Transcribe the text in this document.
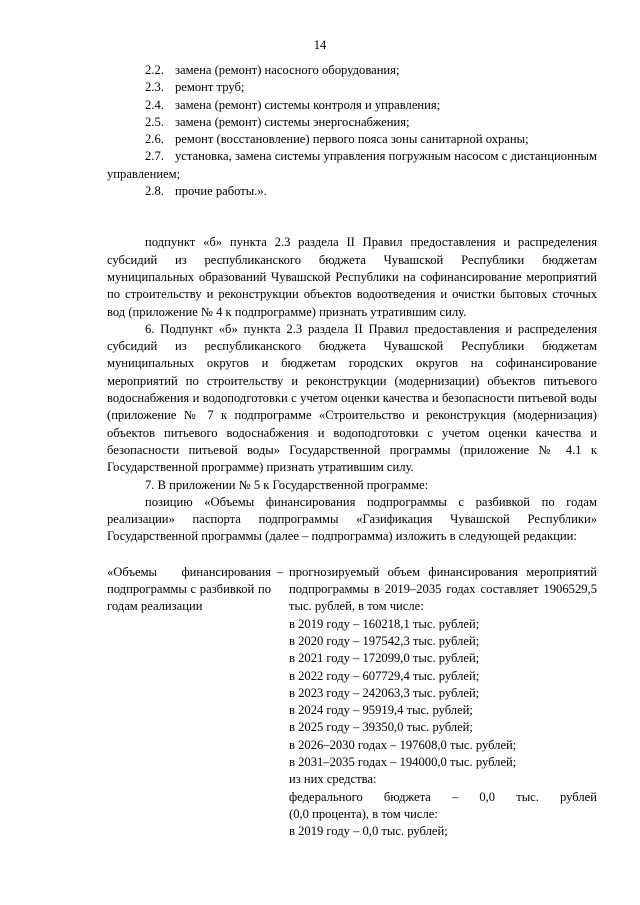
14

2.2. замена (ремонт) насосного оборудования;

2.3. ремонт труб;

2.4. замена (ремонт) системы контроля и управления;

2.5. замена (ремонт) системы энергоснабжения;

2.6. ремонт (восстановление) первого пояса зоны санитарной охраны;

2.7. установка, замена системы управления погружным насосом с дистанционным управлением;

2.8. прочие работы.».

подпункт «б» пункта 2.3 раздела II Правил предоставления и распределения субсидий из республиканского бюджета Чувашской Республики бюджетам муниципальных образований Чувашской Республики на софинансирование мероприятий по строительству и реконструкции объектов водоотведения и очистки бытовых сточных вод (приложение № 4 к подпрограмме) признать утратившим силу.

6. Подпункт «б» пункта 2.3 раздела II Правил предоставления и распределения субсидий из республиканского бюджета Чувашской Республики бюджетам муниципальных округов и бюджетам городских округов на софинансирование мероприятий по строительству и реконструкции (модернизации) объектов питьевого водоснабжения и водоподготовки с учетом оценки качества и безопасности питьевой воды (приложение № 7 к подпрограмме «Строительство и реконструкция (модернизация) объектов питьевого водоснабжения и водоподготовки с учетом оценки качества и безопасности питьевой воды» Государственной программы (приложение № 4.1 к Государственной программе) признать утратившим силу.

7. В приложении № 5 к Государственной программе:

позицию «Объемы финансирования подпрограммы с разбивкой по годам реализации» паспорта подпрограммы «Газификация Чувашской Республики» Государственной программы (далее – подпрограмма) изложить в следующей редакции:

«Объемы финансирования подпрограммы с разбивкой по годам реализации
– прогнозируемый объем финансирования мероприятий подпрограммы в 2019–2035 годах составляет 1906529,5 тыс. рублей, в том числе:
в 2019 году – 160218,1 тыс. рублей;
в 2020 году – 197542,3 тыс. рублей;
в 2021 году – 172099,0 тыс. рублей;
в 2022 году – 607729,4 тыс. рублей;
в 2023 году – 242063,3 тыс. рублей;
в 2024 году – 95919,4 тыс. рублей;
в 2025 году – 39350,0 тыс. рублей;
в 2026–2030 годах – 197608,0 тыс. рублей;
в 2031–2035 годах – 194000,0 тыс. рублей;
из них средства:
федерального бюджета – 0,0 тыс. рублей
(0,0 процента), в том числе:
в 2019 году – 0,0 тыс. рублей;
